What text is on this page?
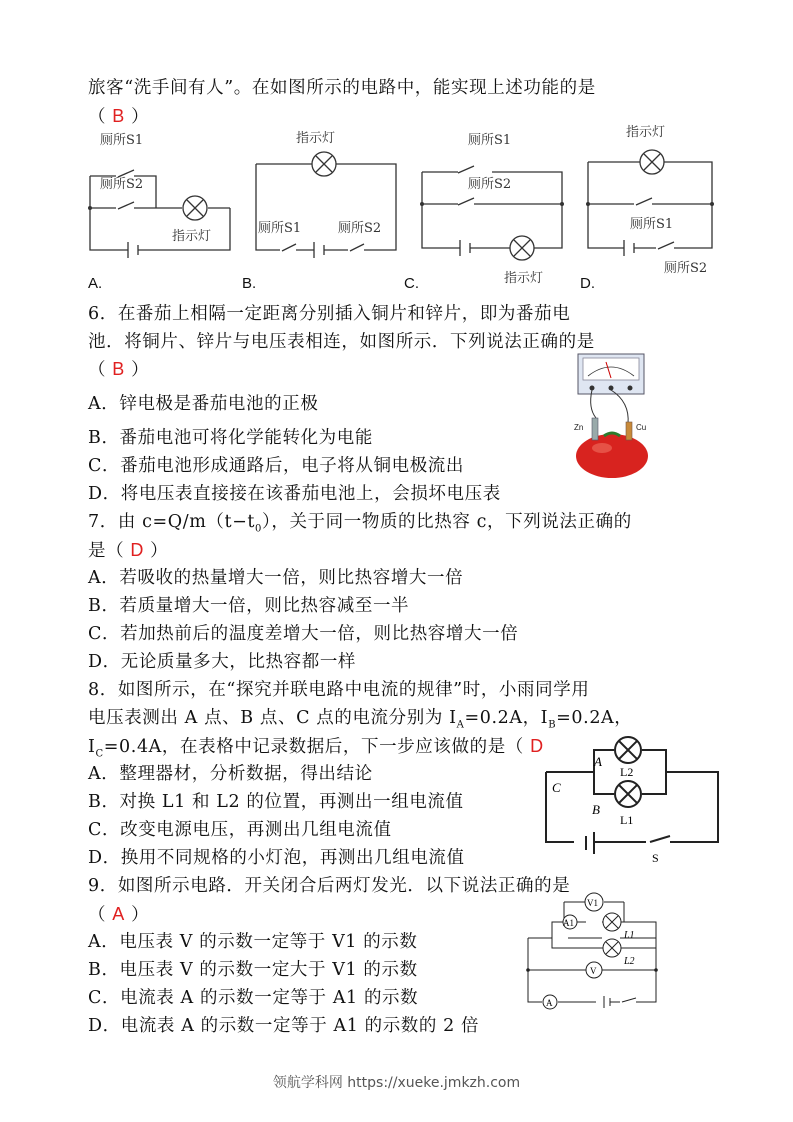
旅客“洗手间有人”。在如图所示的电路中，能实现上述功能的是
（ B ）
厕所S1
厕所S2
指示灯
A.
指示灯
厕所S1	厕所S2
B.
厕所S1
厕所S2
指示灯
C.
指示灯
厕所S1
厕所S2
D.
6．在番茄上相隔一定距离分别插入铜片和锌片，即为番茄电
池．将铜片、锌片与电压表相连，如图所示．下列说法正确的是
（ B ）
A．锌电极是番茄电池的正极
B．番茄电池可将化学能转化为电能
C．番茄电池形成通路后，电子将从铜电极流出
D．将电压表直接接在该番茄电池上，会损坏电压表
Zn	Cu
7．由 $c=Q/m(t-t_0)$，关于同一物质的比热容 c，下列说法正确的
是（ D ）
A．若吸收的热量增大一倍，则比热容增大一倍
B．若质量增大一倍，则比热容减至一半
C．若加热前后的温度差增大一倍，则比热容增大一倍
D．无论质量多大，比热容都一样
8．如图所示，在“探究并联电路中电流的规律”时，小雨同学用
电压表测出 A 点、B 点、C 点的电流分别为 $I_A=0.2A$，$I_B=0.2A$，
$I_C=0.4A$，在表格中记录数据后，下一步应该做的是（ D
A．整理器材，分析数据，得出结论
B．对换 L1 和 L2 的位置，再测出一组电流值
C．改变电源电压，再测出几组电流值
D．换用不同规格的小灯泡，再测出几组电流值
A
B
C
L2
L1
S
9．如图所示电路．开关闭合后两灯发光．以下说法正确的是
（ A ）
A．电压表 V 的示数一定等于 V1 的示数
B．电压表 V 的示数一定大于 V1 的示数
C．电流表 A 的示数一定等于 A1 的示数
D．电流表 A 的示数一定等于 A1 的示数的 2 倍
V1
A1
L1
L2
V
A
领航学科网 https://xueke.jmkzh.com
